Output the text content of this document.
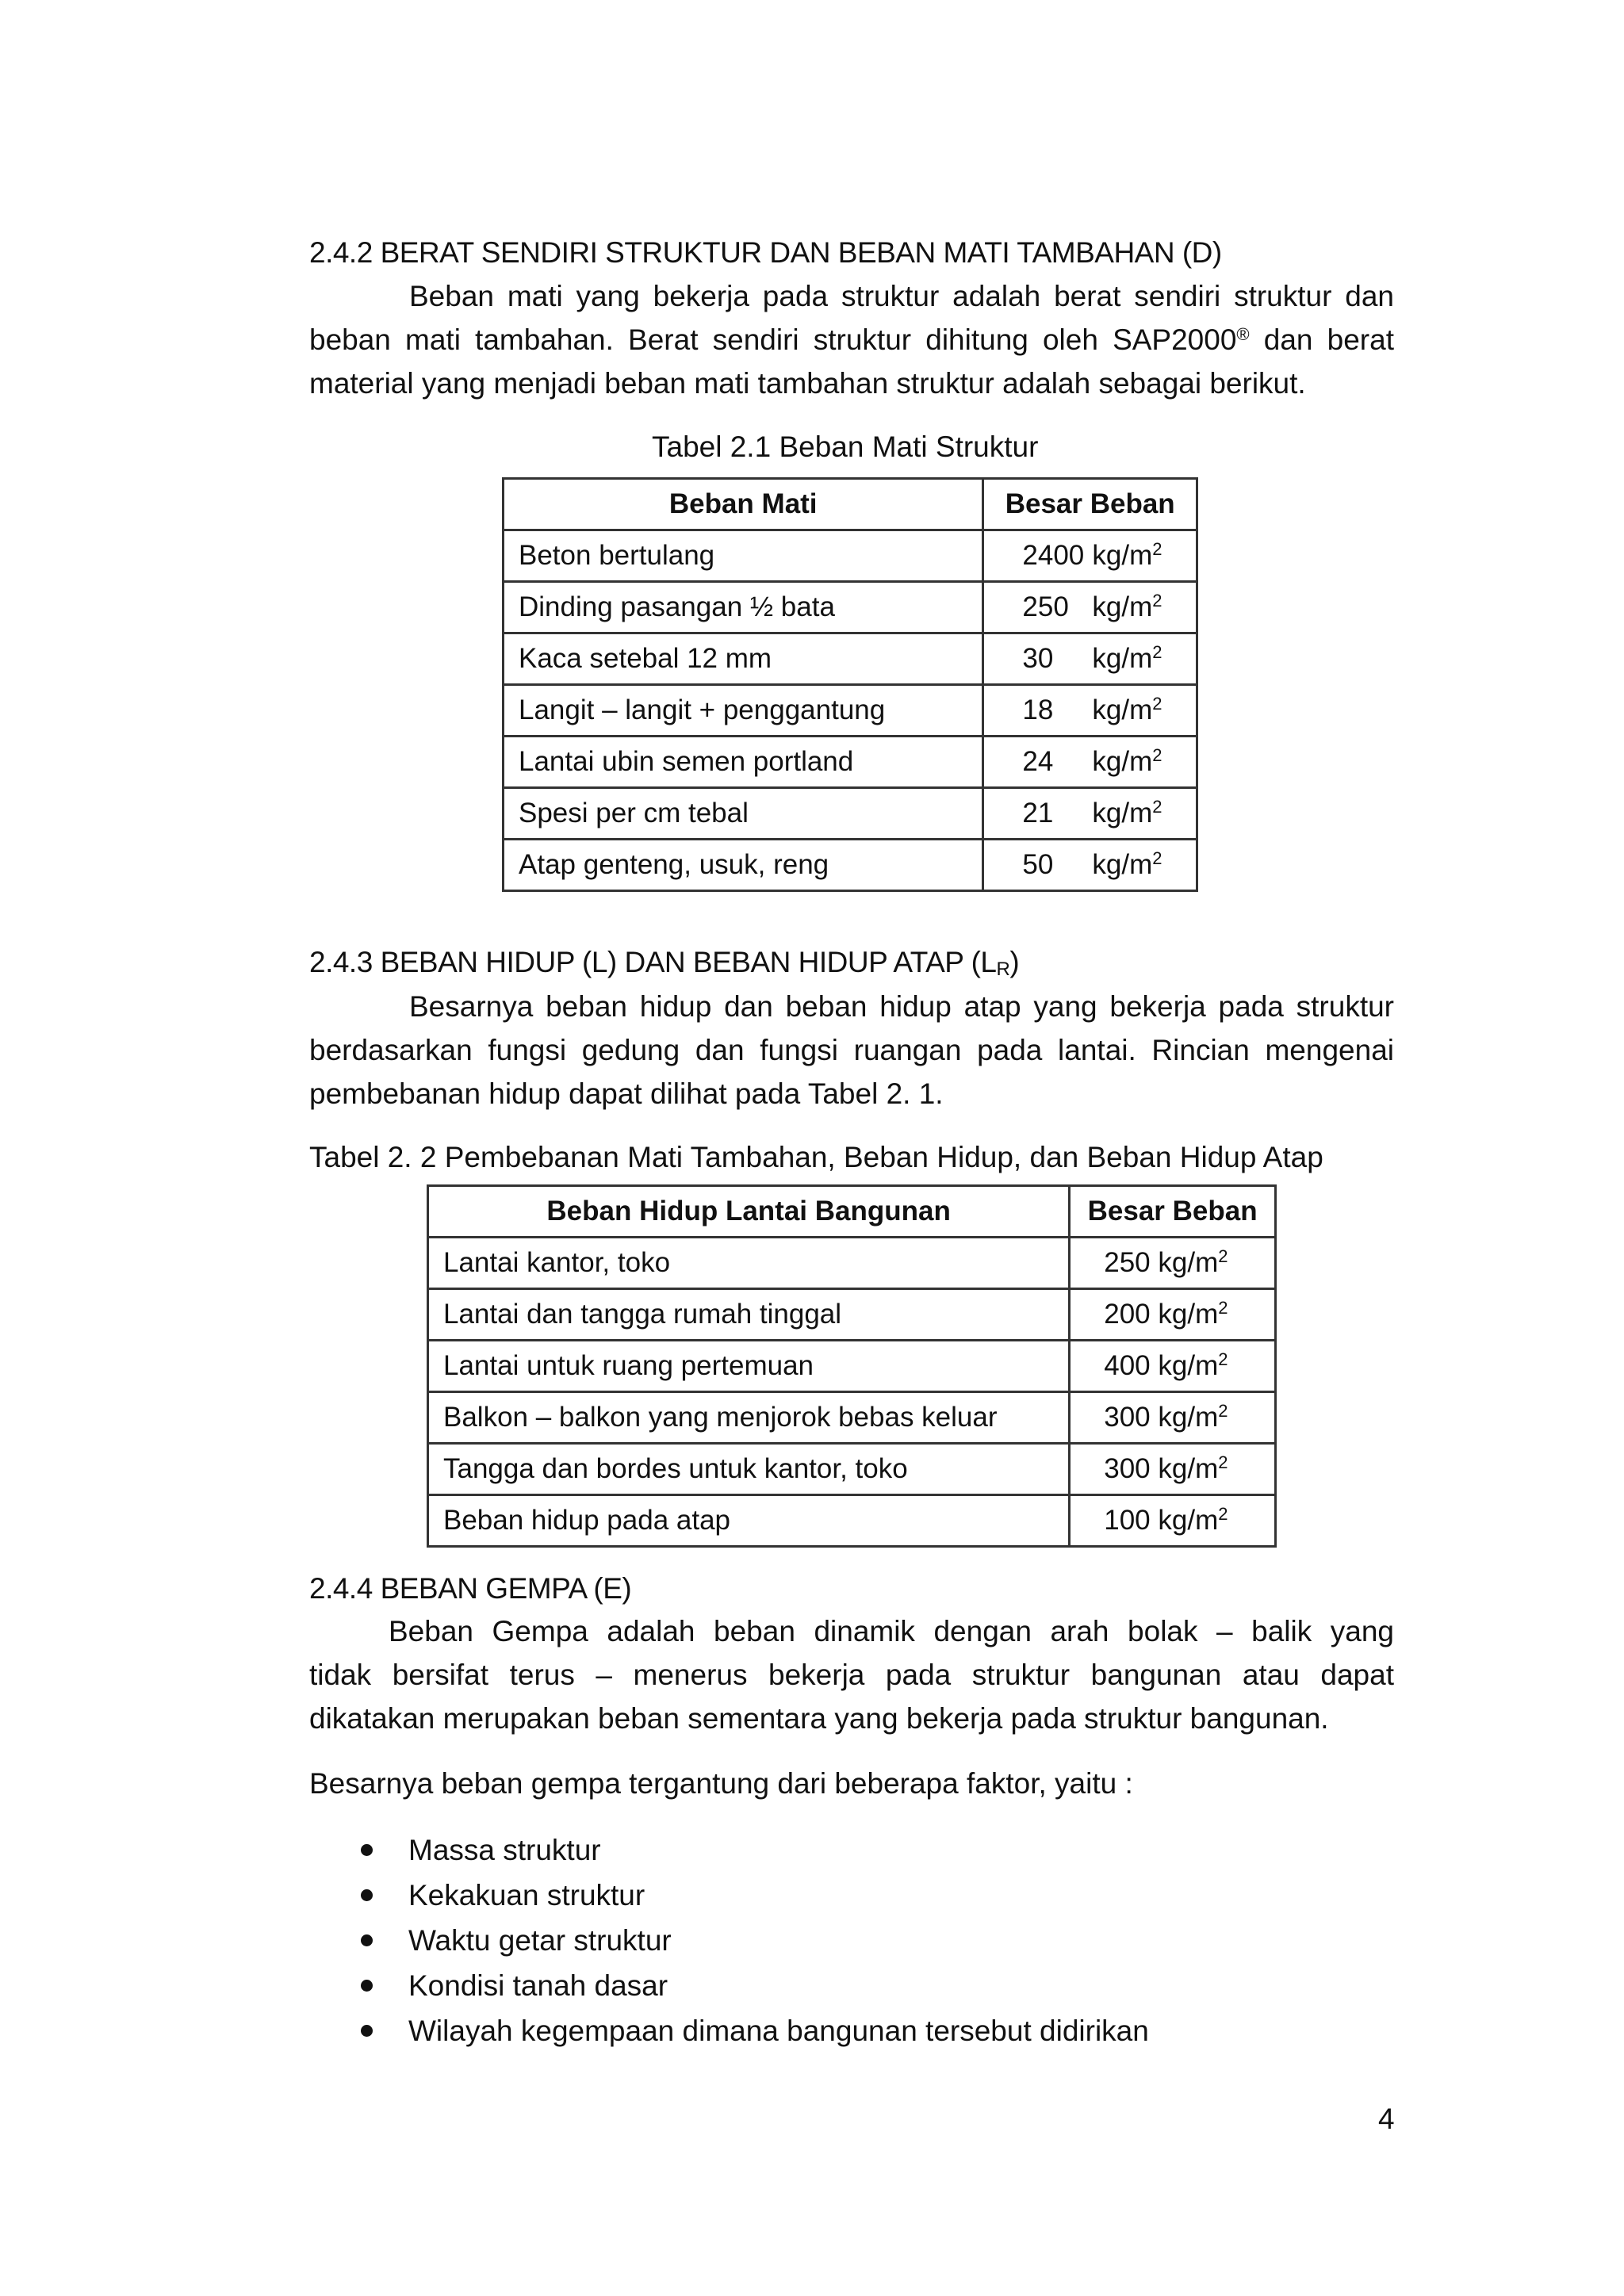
2.4.2 BERAT SENDIRI STRUKTUR DAN BEBAN MATI TAMBAHAN (D)
Beban mati yang bekerja pada struktur adalah berat sendiri struktur dan
beban mati tambahan. Berat sendiri struktur dihitung oleh SAP2000® dan berat
material yang menjadi beban mati tambahan struktur adalah sebagai berikut.
Tabel 2.1 Beban Mati Struktur
Beban Mati	Besar Beban
Beton bertulang	2400 $kg/m^2$
Dinding pasangan ½ bata	250 $kg/m^2$
Kaca setebal 12 mm	30 $kg/m^2$
Langit – langit + penggantung	18 $kg/m^2$
Lantai ubin semen portland	24 $kg/m^2$
Spesi per cm tebal	21 $kg/m^2$
Atap genteng, usuk, reng	50 $kg/m^2$
2.4.3 BEBAN HIDUP (L) DAN BEBAN HIDUP ATAP $(L_R)$
Besarnya beban hidup dan beban hidup atap yang bekerja pada struktur
berdasarkan fungsi gedung dan fungsi ruangan pada lantai. Rincian mengenai
pembebanan hidup dapat dilihat pada Tabel 2. 1.
Tabel 2. 2 Pembebanan Mati Tambahan, Beban Hidup, dan Beban Hidup Atap
Beban Hidup Lantai Bangunan	Besar Beban
Lantai kantor, toko	250 $kg/m^2$
Lantai dan tangga rumah tinggal	200 $kg/m^2$
Lantai untuk ruang pertemuan	400 $kg/m^2$
Balkon – balkon yang menjorok bebas keluar	300 $kg/m^2$
Tangga dan bordes untuk kantor, toko	300 $kg/m^2$
Beban hidup pada atap	100 $kg/m^2$
2.4.4 BEBAN GEMPA (E)
Beban Gempa adalah beban dinamik dengan arah bolak – balik yang
tidak bersifat terus – menerus bekerja pada struktur bangunan atau dapat
dikatakan merupakan beban sementara yang bekerja pada struktur bangunan.
Besarnya beban gempa tergantung dari beberapa faktor, yaitu :
Massa struktur
Kekakuan struktur
Waktu getar struktur
Kondisi tanah dasar
Wilayah kegempaan dimana bangunan tersebut didirikan
4
